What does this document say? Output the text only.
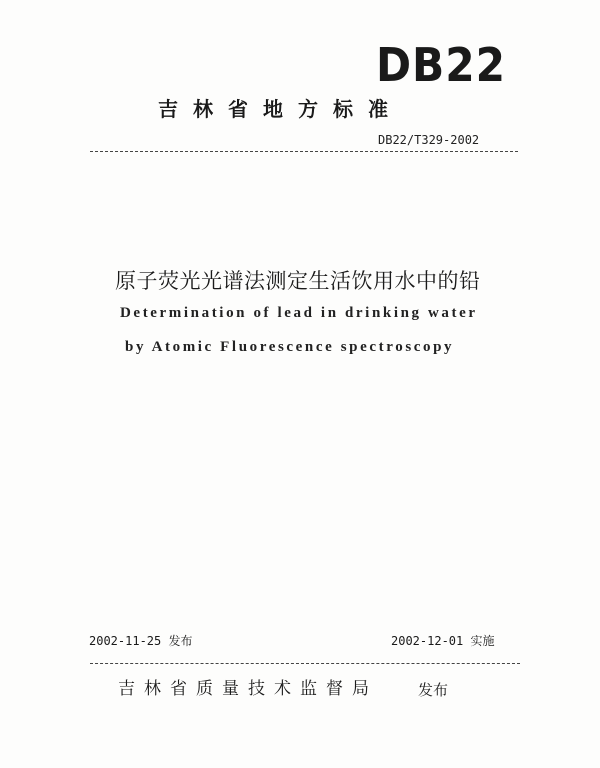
DB22
吉林省地方标准
DB22/T329-2002
原子荧光光谱法测定生活饮用水中的铅
Determination of lead in drinking water
by Atomic Fluorescence spectroscopy
2002-11-25 发布	2002-12-01 实施
吉林省质量技术监督局	发布
